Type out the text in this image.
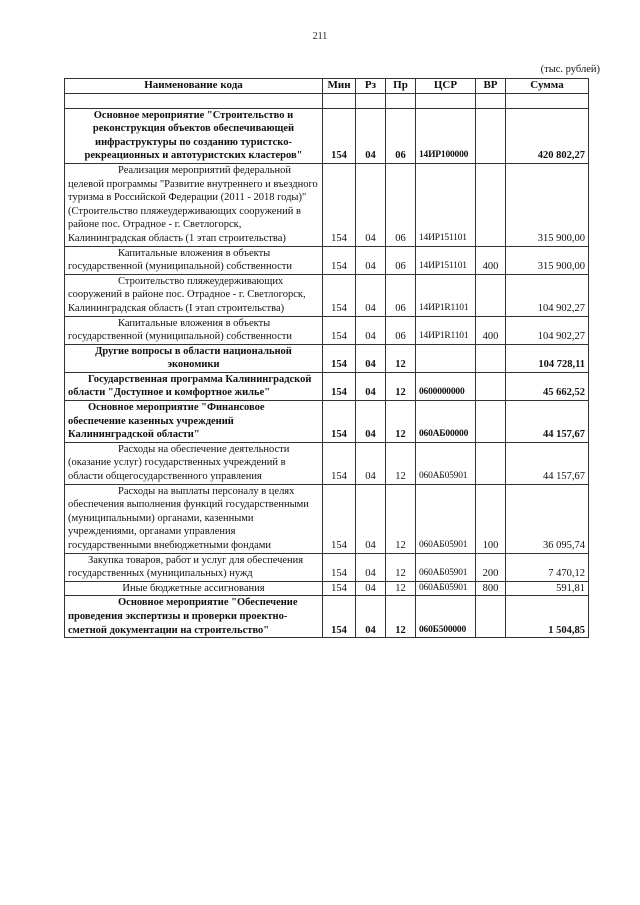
211
(тыс. рублей)
Наименование кода	Мин	Рз	Пр	ЦСР	ВР	Сумма

Основное мероприятие "Строительство и реконструкция объектов обеспечивающей инфраструктуры по созданию туристско-рекреационных и автотуристских кластеров"	154	04	06	14ИР100000		420 802,27
Реализация мероприятий федеральной целевой программы "Развитие внутреннего и въездного туризма в Российской Федерации (2011 - 2018 годы)" (Строительство пляжеудерживающих сооружений в районе пос. Отрадное - г. Светлогорск, Калининградская область (1 этап строительства)	154	04	06	14ИР151101		315 900,00
Капитальные вложения в объекты государственной (муниципальной) собственности	154	04	06	14ИР151101	400	315 900,00
Строительство пляжеудерживающих сооружений в районе пос. Отрадное - г. Светлогорск, Калининградская область (I этап строительства)	154	04	06	14ИР1R1101		104 902,27
Капитальные вложения в объекты государственной (муниципальной) собственности	154	04	06	14ИР1R1101	400	104 902,27
Другие вопросы в области национальной экономики	154	04	12			104 728,11
Государственная программа Калининградской области "Доступное и комфортное жилье"	154	04	12	0600000000		45 662,52
Основное мероприятие "Финансовое обеспечение казенных учреждений Калининградской области"	154	04	12	060АБ00000		44 157,67
Расходы на обеспечение деятельности (оказание услуг) государственных учреждений в области общегосударственного управления	154	04	12	060АБ05901		44 157,67
Расходы на выплаты персоналу в целях обеспечения выполнения функций государственными (муниципальными) органами, казенными учреждениями, органами управления государственными внебюджетными фондами	154	04	12	060АБ05901	100	36 095,74
Закупка товаров, работ и услуг для обеспечения государственных (муниципальных) нужд	154	04	12	060АБ05901	200	7 470,12
Иные бюджетные ассигнования	154	04	12	060АБ05901	800	591,81
Основное мероприятие "Обеспечение проведения экспертизы и проверки проектно-сметной документации на строительство"	154	04	12	060Б500000		1 504,85
